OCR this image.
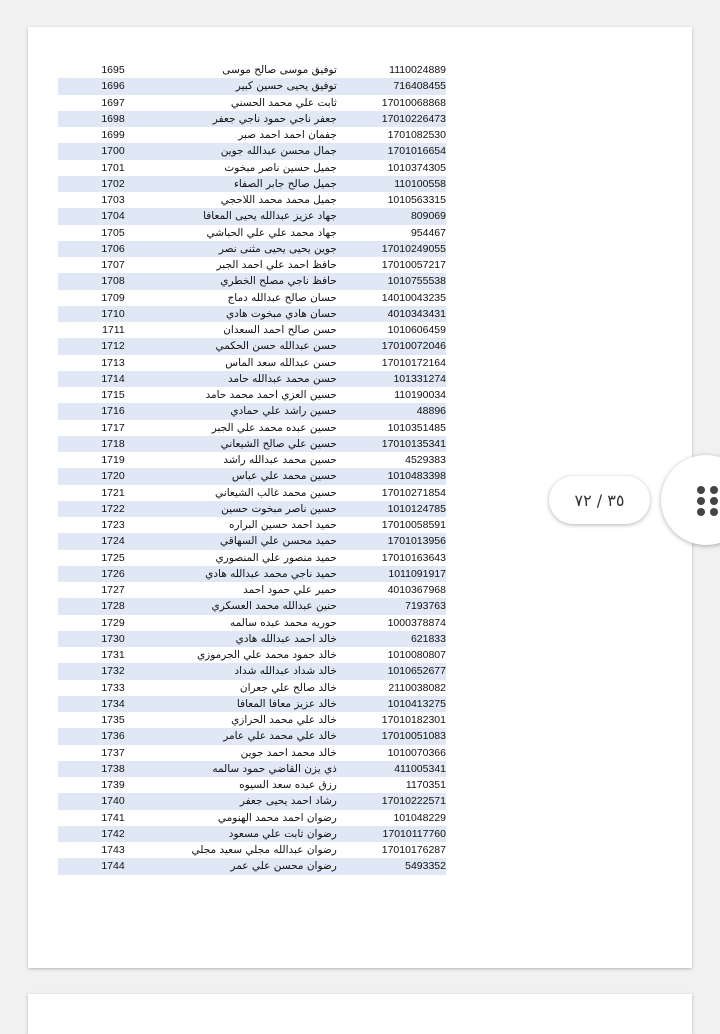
1695	توفيق موسى صالح موسى	1110024889
1696	توفيق يحيى حسين كبير	716408455
1697	ثابت علي محمد الحسني	17010068868
1698	جعفر ناجي حمود ناجي جعفر	17010226473
1699	جفمان احمد احمد صبر	1701082530
1700	جمال محسن عبدالله جوين	1701016654
1701	جميل حسين ناصر مبخوت	1010374305
1702	جميل صالح جابر الصفاء	110100558
1703	جميل محمد محمد اللاحجي	1010563315
1704	جهاد عزيز عبدالله يحيى المعافا	809069
1705	جهاد محمد علي علي الحباشي	954467
1706	جوين يحيى يحيى مثنى نصر	17010249055
1707	حافظ احمد علي احمد الجبر	17010057217
1708	حافظ ناجي مصلح الخطري	1010755538
1709	حسان صالح عبدالله دماج	14010043235
1710	حسان هادي مبخوت هادي	4010343431
1711	حسن صالح احمد السعدان	1010606459
1712	حسن عبدالله حسن الحكمي	17010072046
1713	حسن عبدالله سعد الماس	17010172164
1714	حسن محمد عبدالله حامد	101331274
1715	حسين العزي احمد محمد حامد	110190034
1716	حسين راشد علي حمادي	48896
1717	حسين عبده محمد علي الجبر	1010351485
1718	حسين علي صالح الشيعاني	17010135341
1719	حسين محمد عبدالله راشد	4529383
1720	حسين محمد علي عباس	1010483398
1721	حسين محمد غالب الشيعاني	17010271854
1722	حسين ناصر مبخوت حسين	1010124785
1723	حميد احمد حسين البراره	17010058591
1724	حميد محسن علي السهاقي	1701013956
1725	حميد منصور علي المنصوري	17010163643
1726	حميد ناجي محمد عبدالله هادي	1011091917
1727	حمير علي حمود احمد	4010367968
1728	حنين عبدالله محمد العسكري	7193763
1729	حوريه محمد عبده سالمه	1000378874
1730	خالد احمد عبدالله هادي	621833
1731	خالد حمود محمد علي الجرموزي	1010080807
1732	خالد شداد عبدالله شداد	1010652677
1733	خالد صالح علي جعران	2110038082
1734	خالد عزيز معافا المعافا	1010413275
1735	خالد علي محمد الحرازي	17010182301
1736	خالد علي محمد علي عامر	17010051083
1737	خالد محمد احمد جوين	1010070366
1738	ذي يزن القاضي حمود سالمه	411005341
1739	رزق عبده سعد السيوه	1170351
1740	رشاد احمد يحيى جعفر	17010222571
1741	رضوان احمد محمد الهنومي	101048229
1742	رضوان ثابت علي مسعود	17010117760
1743	رضوان عبدالله مجلي سعيد مجلي	17010176287
1744	رضوان محسن علي عمر	5493352
٣٥ / ٧٢
